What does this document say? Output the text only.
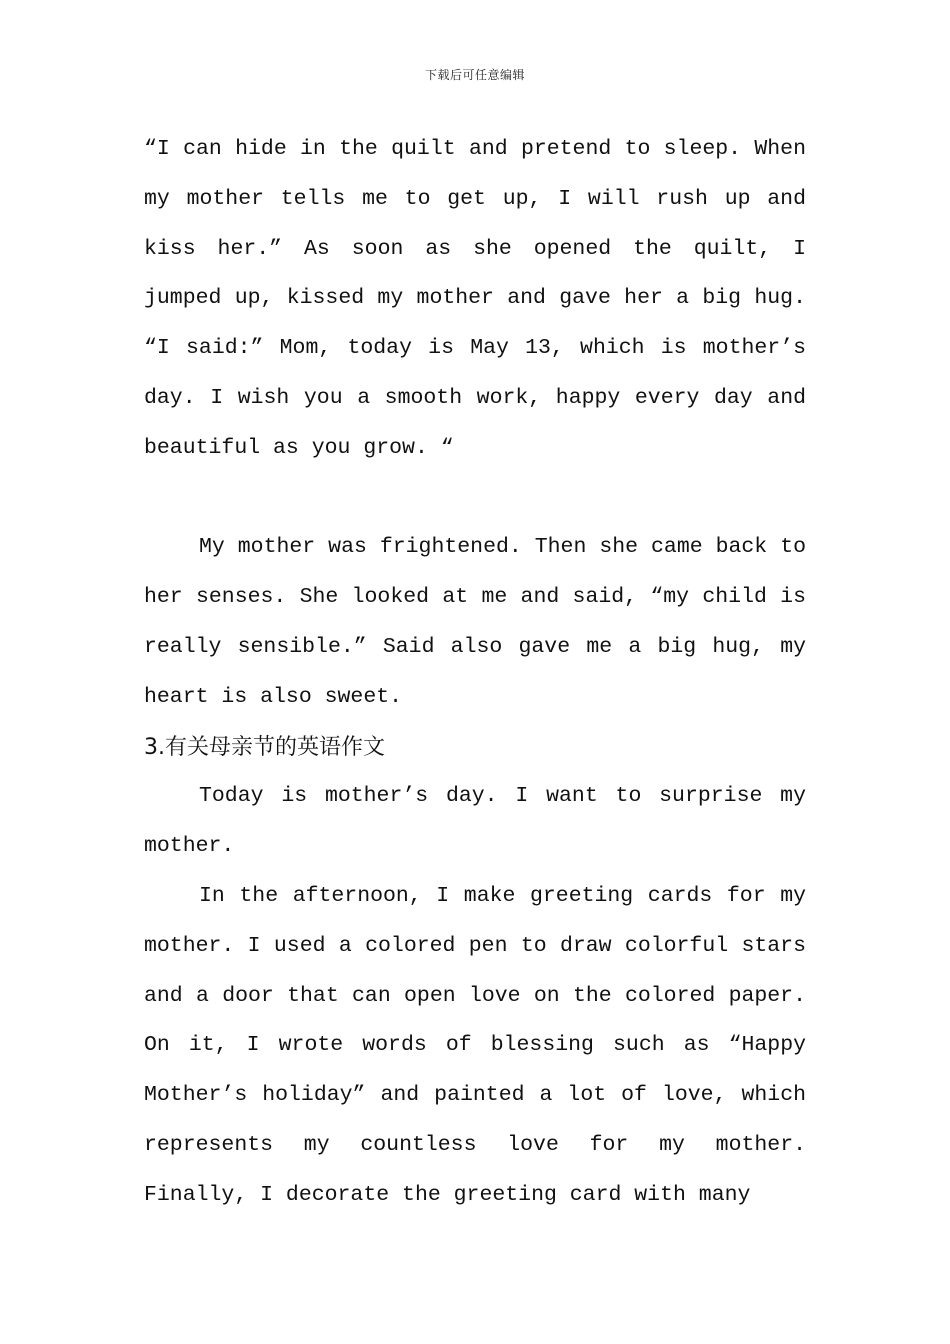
下载后可任意编辑

“I can hide in the quilt and pretend to sleep. When my mother tells me to get up, I will rush up and kiss her.” As soon as she opened the quilt, I jumped up, kissed my mother and gave her a big hug. “I said:” Mom, today is May 13, which is mother’s day. I wish you a smooth work, happy every day and beautiful as you grow. “

My mother was frightened. Then she came back to her senses. She looked at me and said, “my child is really sensible.” Said also gave me a big hug, my heart is also sweet.

3.有关母亲节的英语作文

Today is mother’s day. I want to surprise my mother.

In the afternoon, I make greeting cards for my mother. I used a colored pen to draw colorful stars and a door that can open love on the colored paper. On it, I wrote words of blessing such as “Happy Mother’s holiday” and painted a lot of love, which represents my countless love for my mother. Finally, I decorate the greeting card with many
